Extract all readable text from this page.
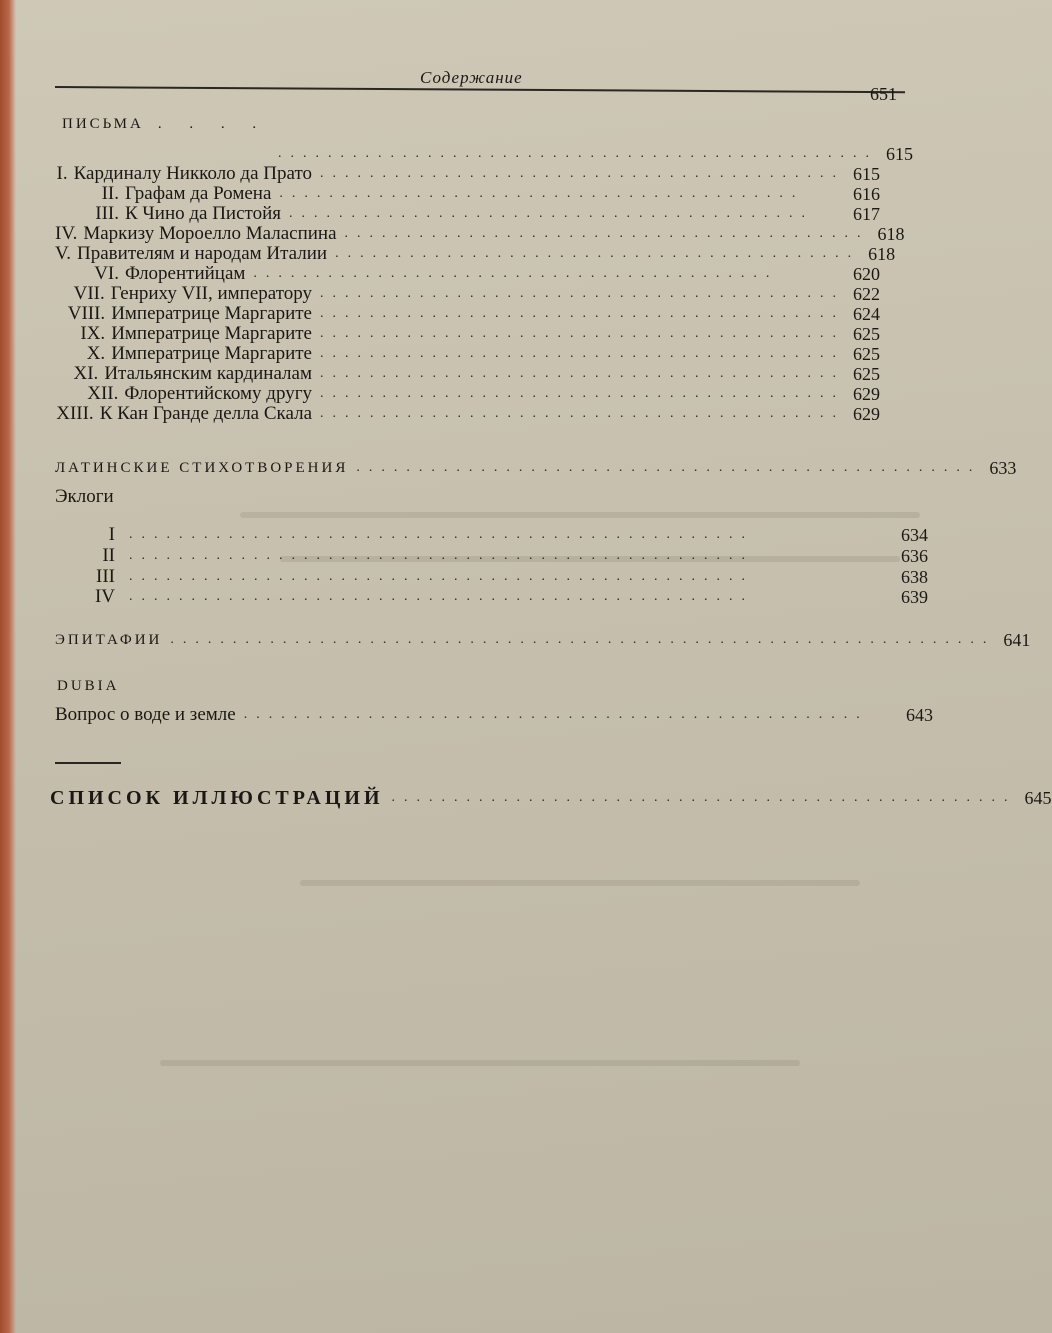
Содержание
651
ПИСЬМА . . . .
................................................ 615
I. Кардиналу Никколо да Прато .......................................... 615
II. Графам да Ромена ..........................................	616
III. К Чино да Пистойя ..........................................	617
IV. Маркизу Мороелло Маласпина .......................................... 618
V. Правителям и народам Италии .......................................... 618
VI. Флорентийцам ..........................................	620
VII. Генриху VII, императору .......................................... 622
VIII. Императрице Маргарите .......................................... 624
IX. Императрице Маргарите .......................................... 625
X. Императрице Маргарите .......................................... 625
XI. Итальянским кардиналам .......................................... 625
XII. Флорентийскому другу .......................................... 629
XIII. К Кан Гранде делла Скала .......................................... 629
ЛАТИНСКИЕ СТИХОТВОРЕНИЯ .................................................. 633
Эклоги
I ..................................................	634
II ..................................................	636
III ..................................................	638
IV ..................................................	639
ЭПИТАФИИ .................................................................. 641
DUBIA
Вопрос о воде и земле ..................................................	643
СПИСОК ИЛЛЮСТРАЦИЙ .................................................. 645
